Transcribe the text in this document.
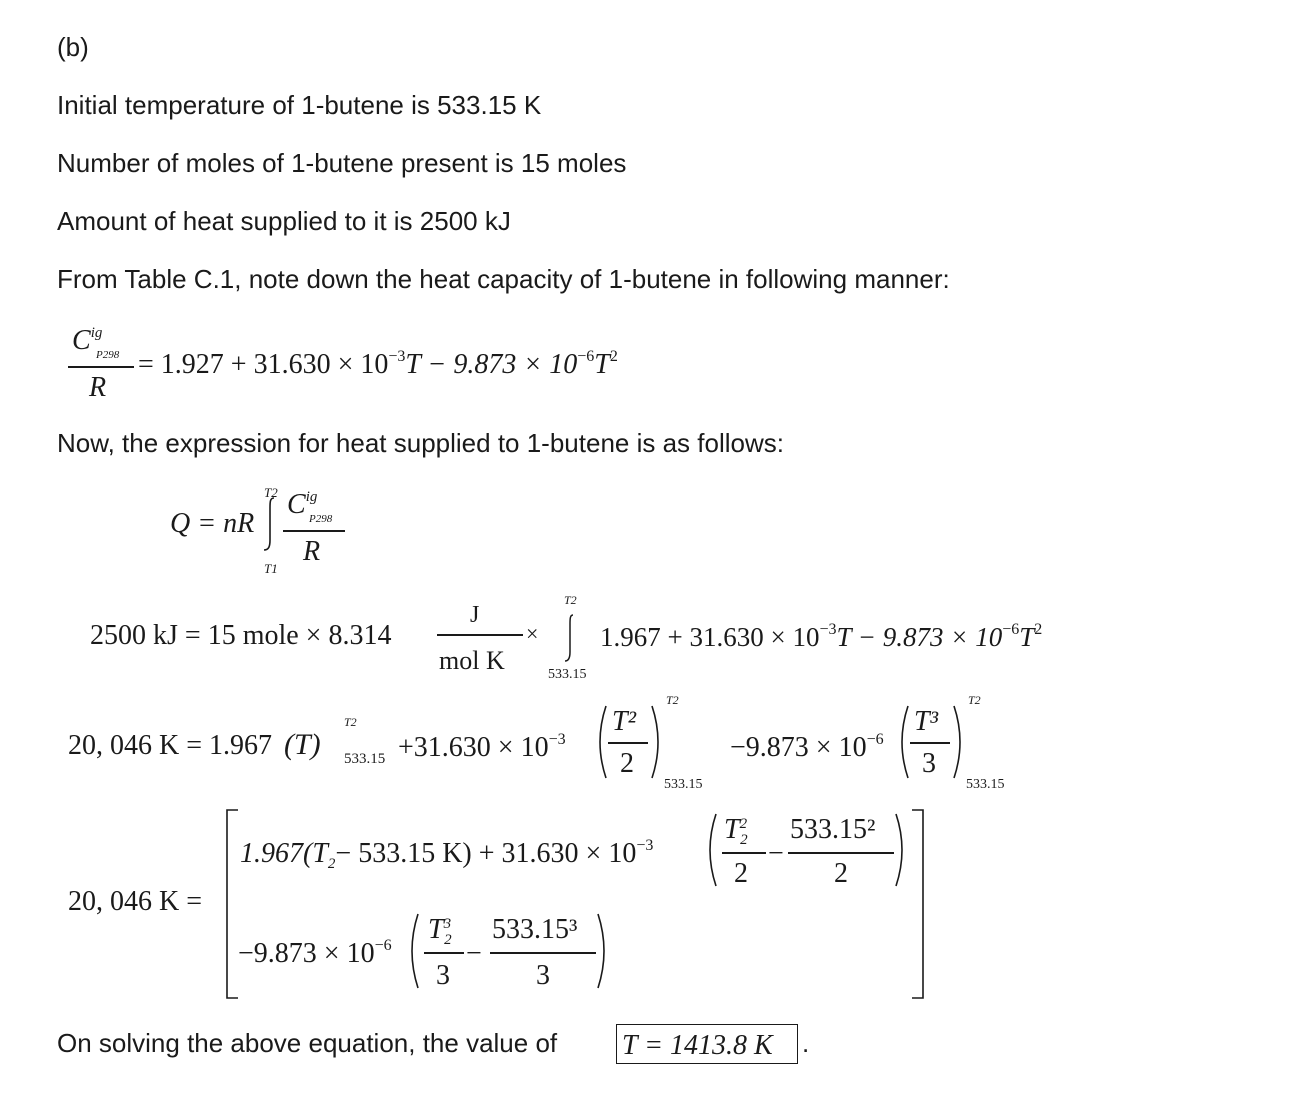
(b)
Initial temperature of 1-butene is 533.15 K
Number of moles of 1-butene present is 15 moles
Amount of heat supplied to it is 2500 kJ
From Table C.1, note down the heat capacity of 1-butene in following manner:
Now, the expression for heat supplied to 1-butene is as follows:
On solving the above equation, the value of
$C^{ig}$
P298
R
= $1.927 + 31.630 \times 10^{-3}T - 9.873 \times 10^{-6}T^2$
Q = nR
T2
T1
$C^{ig}$
P298
R
2500 kJ = 15 mole × 8.314
J
mol K
×
T2
533.15
$1.967 + 31.630 \times 10^{-3}T - 9.873 \times 10^{-6}T^2$
20, 046 K = 1.967 (T)
T2
$533.15 +31.630 \times 10^{-3}$
T²
2
T2
533.15
$-9.873 \times 10^{-6}$
T³
3
T2
533.15
20, 046 K =
$1.967(T_2- 533.15$ $K) + 31.630 \times 10^{-3}$
$T^2_2$
2
−
533.15²
2
$-9.873 \times 10^{-6}$
$T^3_2$
3
−
533.15³
3
T = 1413.8 K .
